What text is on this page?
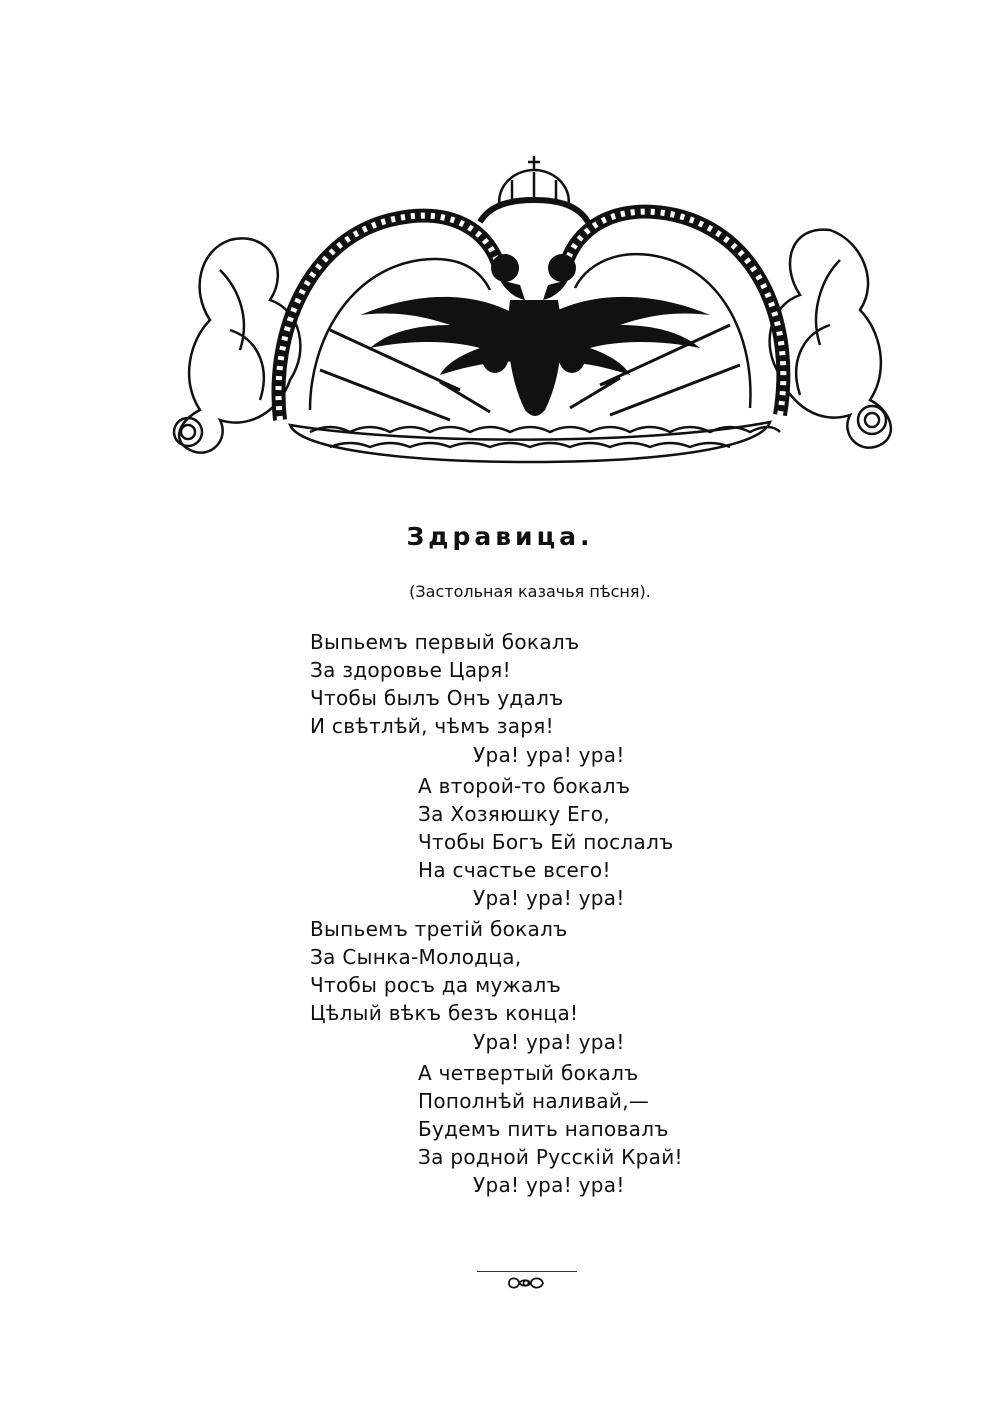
Здравица.
(Застольная казачья пѣсня).
Выпьемъ первый бокалъ
За здоровье Царя!
Чтобы былъ Онъ удалъ
И свѣтлѣй, чѣмъ заря!
Ура! ура! ура!
А второй-то бокалъ
За Хозяюшку Его,
Чтобы Богъ Ей послалъ
На счастье всего!
Ура! ура! ура!
Выпьемъ третій бокалъ
За Сынка-Молодца,
Чтобы росъ да мужалъ
Цѣлый вѣкъ безъ конца!
Ура! ура! ура!
А четвертый бокалъ
Пополнѣй наливай,—
Будемъ пить наповалъ
За родной Русскій Край!
Ура! ура! ура!
